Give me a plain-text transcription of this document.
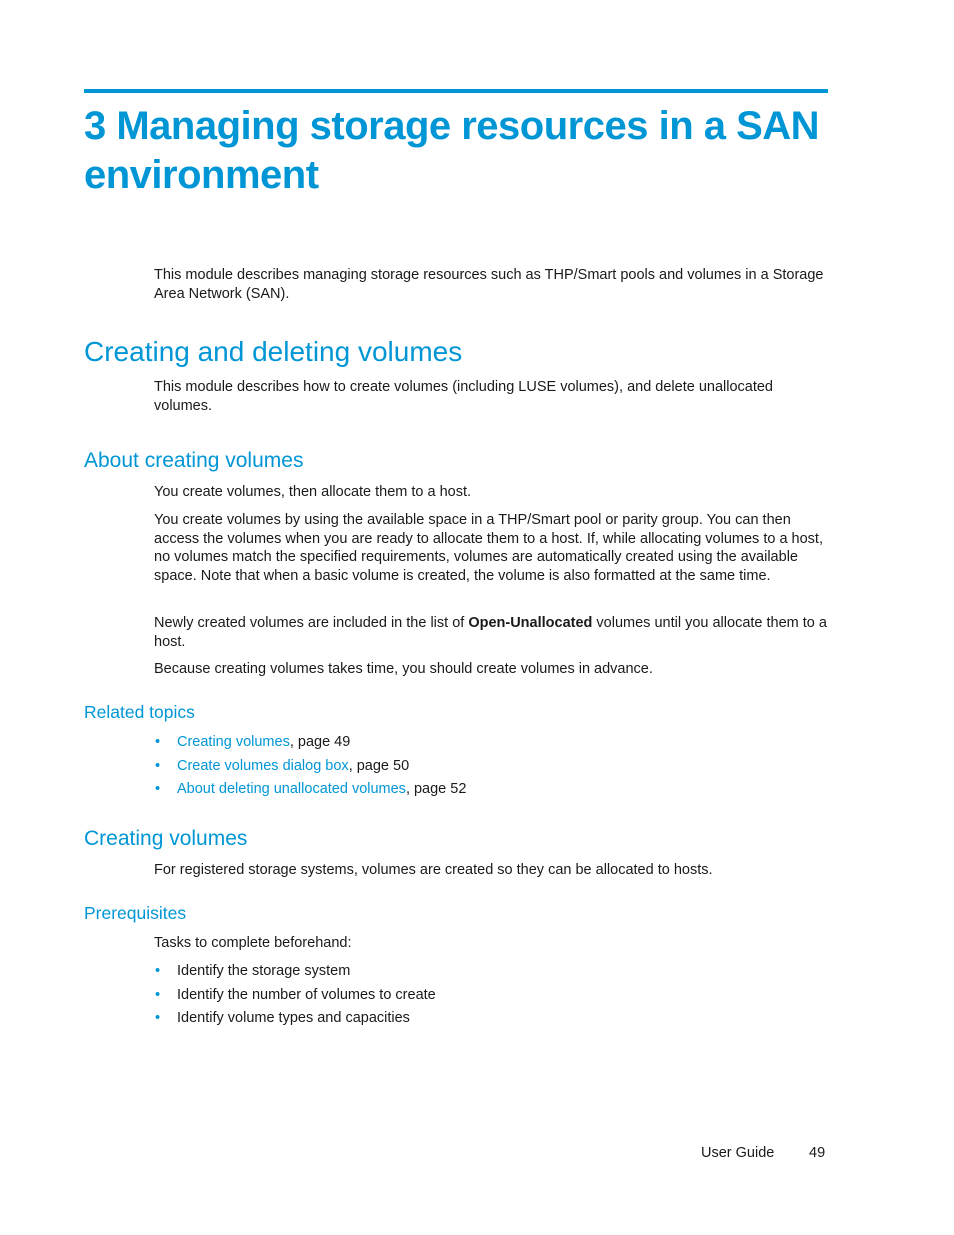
3 Managing storage resources in a SAN environment

This module describes managing storage resources such as THP/Smart pools and volumes in a Storage Area Network (SAN).

Creating and deleting volumes

This module describes how to create volumes (including LUSE volumes), and delete unallocated volumes.

About creating volumes

You create volumes, then allocate them to a host.

You create volumes by using the available space in a THP/Smart pool or parity group. You can then access the volumes when you are ready to allocate them to a host. If, while allocating volumes to a host, no volumes match the specified requirements, volumes are automatically created using the available space. Note that when a basic volume is created, the volume is also formatted at the same time.

Newly created volumes are included in the list of Open-Unallocated volumes until you allocate them to a host.

Because creating volumes takes time, you should create volumes in advance.

Related topics
• Creating volumes, page 49
• Create volumes dialog box, page 50
• About deleting unallocated volumes, page 52
Creating volumes

For registered storage systems, volumes are created so they can be allocated to hosts.

Prerequisites

Tasks to complete beforehand:

• Identify the storage system
• Identify the number of volumes to create
• Identify volume types and capacities
User Guide 49
